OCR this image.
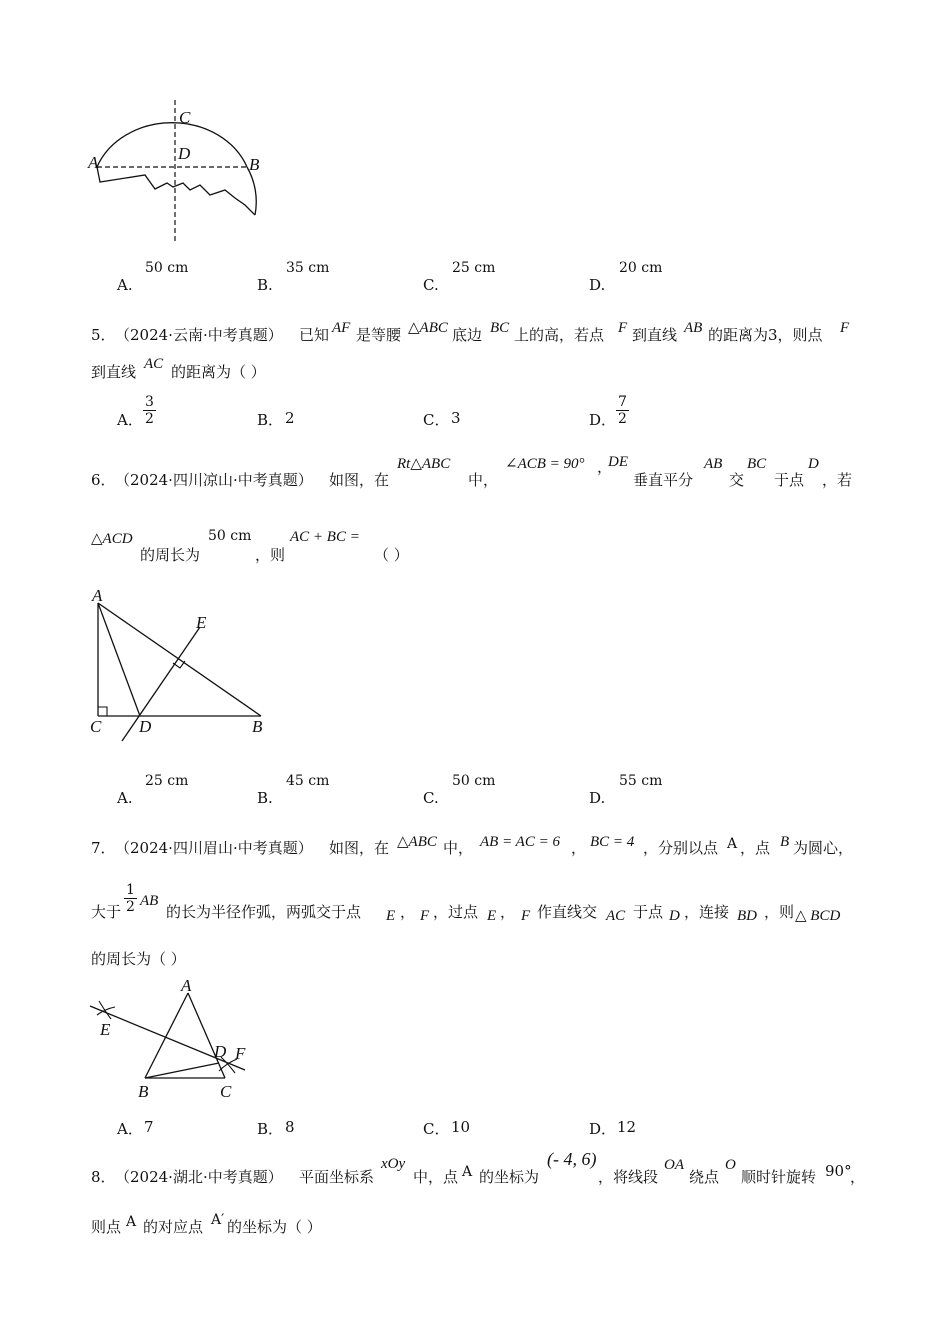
A	B
C
D
A.
50 cm
B.
35 cm
C.
25 cm
D.
20 cm
5． （2024·云南·中考真题） 已知 AF 是等腰 △ABC 底边 BC 上的高，若点 F 到直线 AB 的距离为3，则点 F
到直线 AC 的距离为（ ）
A． $\frac{3}{2}$	B． 2	C． 3	D． $\frac{7}{2}$
6． （2024·四川凉山·中考真题） 如图，在
Rt△ABC
中，
∠ACB = 90° ，
DE
垂直平分
AB
交
BC
于点
D
，若
△ACD
的周长为
50 cm
，则
AC + BC =
（ ）
A
B
C D
E
A.
25 cm
B.
45 cm
C.
50 cm
D.
55 cm
7． （2024·四川眉山·中考真题） 如图，在 △ABC 中， AB = AC = 6 ， BC = 4 ，分别以点 A ，点 B 为圆心，
大于 $\frac{1}{2}$ AB
的长为半径作弧，两弧交于点 E ， F ，过点 E ， F 作直线交 AC 于点 D ，连接 BD ，则 △ BCD
的周长为（ ）
A
B	C
D
E
F
A． 7	B． 8	C． 10	D． 12
8． （2024·湖北·中考真题） 平面坐标系
xOy
中，点 A 的坐标为
(- 4, 6)
，将线段
OA
绕点
O
顺时针旋转 90°
，
则点 A 的对应点 A′ 的坐标为（ ）
